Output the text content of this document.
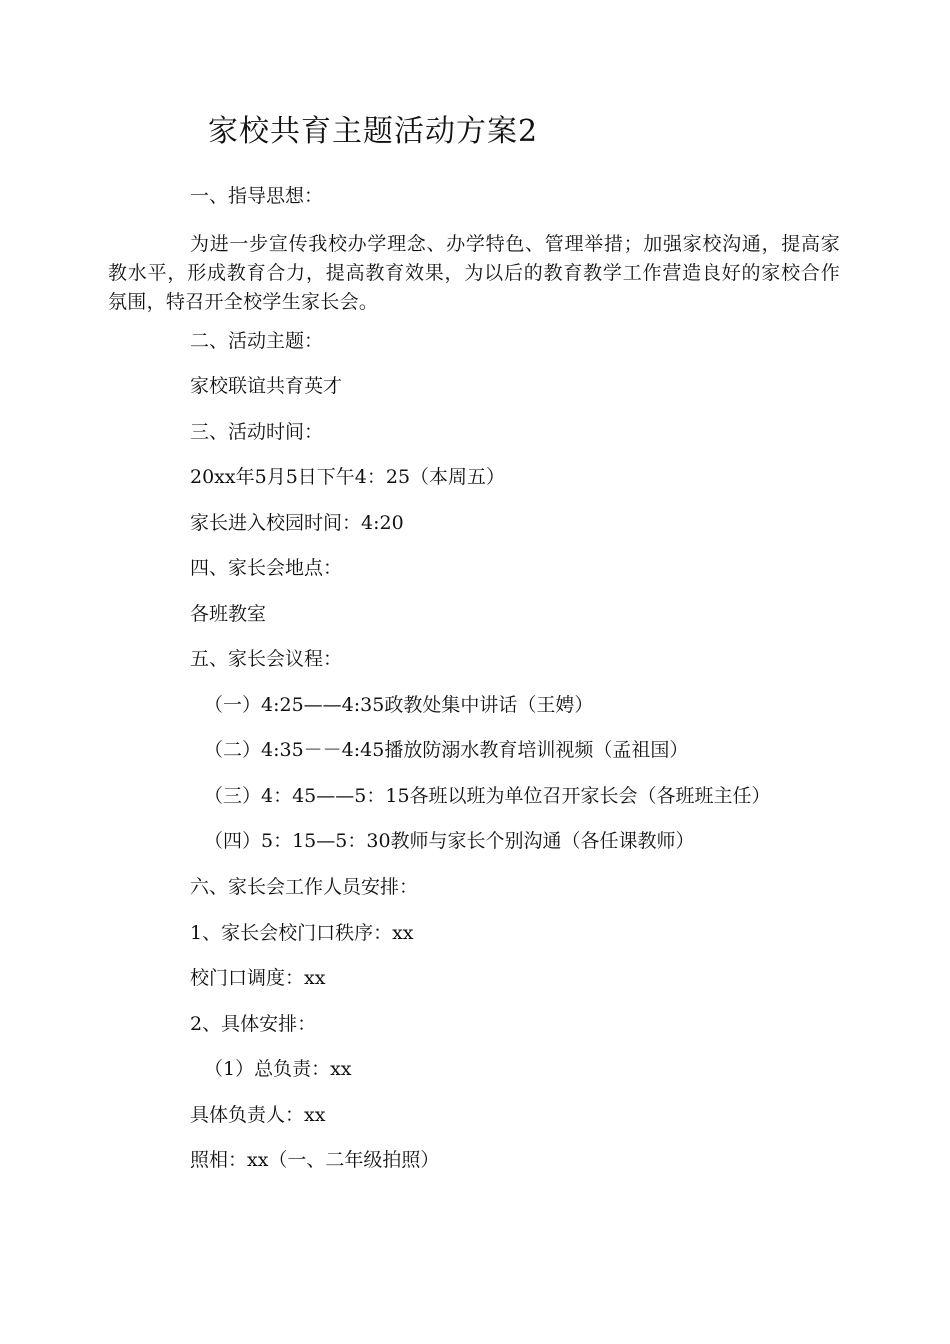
家校共育主题活动方案2
一、指导思想：
为进一步宣传我校办学理念、办学特色、管理举措；加强家校沟通，提高家教水平，形成教育合力，提高教育效果，为以后的教育教学工作营造良好的家校合作氛围，特召开全校学生家长会。
二、活动主题：
家校联谊共育英才
三、活动时间：
20xx年5月5日下午4：25（本周五）
家长进入校园时间：4:20
四、家长会地点：
各班教室
五、家长会议程：
（一）4:25——4:35政教处集中讲话（王娉）
（二）4:35－－4:45播放防溺水教育培训视频（孟祖国）
（三）4：45——5：15各班以班为单位召开家长会（各班班主任）
（四）5：15—5：30教师与家长个别沟通（各任课教师）
六、家长会工作人员安排：
1、家长会校门口秩序：xx
校门口调度：xx
2、具体安排：
（1）总负责：xx
具体负责人：xx
照相：xx（一、二年级拍照）
